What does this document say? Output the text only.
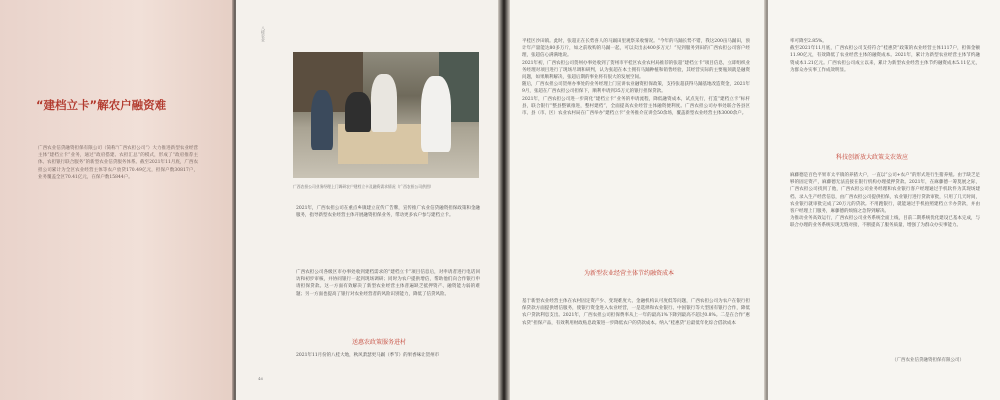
“建档立卡”解农户融资难
广西农业信贷融资担保有限公司（简称“广西农担公司”）大力推进新型农业经营主体“建档立卡”业务，通过“政府搭建、农担汇总”的模式，形成了“政府推荐主体、农担银行联合服务”的新型农业信贷服务体系。截至2021年11月底，广西农担公司累计为全区农业经营主体等农户放贷170.49亿元，担保户数30817户，业务覆盖全区70.41亿元，在保户数15844户。
八桂农业
广西农担公司业务经理上门调研农户建档立卡及融资需求情况（广西农担公司供图）
2021年，广西农担公司在重点乡镇建立宣传广告牌，宣传推广农业信贷融资担保政策和金融服务，指导新型农业经营主体开展融资担保业务，带动更多农户参与建档立卡。
广西农担公司各级区市办事处收到建档需求的“建档立卡”项目信息后，对申请者进行电话回访和初步审核，并协同银行一起到现场调研；同时为农户提供增信，帮助他们向合作银行申请担保贷款。这一方面有效解决了新型农业经营主体普遍缺乏抵押资产、融资能力弱的难题；另一方面也提高了银行对农业经营者的风险识别能力，降低了信贷风险。
送惠农政策服务进村
2021年11月份的八桂大地，秋风萧瑟更马踊（季节）的果香味让贺州市
46
平桂区沙田镇。此时，张超正在长势喜人的马踊田里观察采收情况。“今年的马踊长势不错，我这200亩马踊田，预计年产量能达80多万斤，如之前收购的马踊一起，可以卖出去400多万元！”见到服务到田的广西农担公司客户经理，张超信心满满地说。
2021年初，广西农担公司贺州办事处收到了贺州市平桂区农业农村局推荐的张超“建档立卡”项目信息，立即组织业务经理对项目进行了现场尽调和研判，认为张超在本土拥有马踊种植和销售经验，其经营实际的主要瓶颈就是融资问题，如果顺利解决，张超后期的事业将有很大的发展空间。
随后，广西农担公司贺州办事处的业务经理上门宣讲农业融资担保政策，支持张超获得马踊基地改造资金，2021年9月，张超在广西农担公司担保下，顺利申请到35万元的银行担保贷款。
2021年，广西农担公司进一步简化“建档立卡”业务的申请流程，降低融资成本，试点先行，打造“建档立卡”标杆县，联合银行“整县整镇推进，整村建档”，全面提高农业经营主体融资便利度。广西农担公司办事处联合各县区市、县（市、区）农业农村局在广西举办“建档立卡”业务推介宣讲会50余场，覆盖新型农业经营主体3000余户。
为新型农业经营主体节约融资成本
基于新型农业经营主体在农村固定资产少、变现难度大、金融机构认可度低等问题，广西农担公司为农户在银行担保贷款方面提供增信服务，使银行资金进入农业经营，一是选择和农业银行、中国银行等大型国有银行合作，降低农户贷款利息支出。2021年，广西农担公司担保费率从上一年的最高1%下降到最高不超过0.8%。二是在合作“惠农贷”担保产品，有效利用财政贴息政策进一步降低农户的贷款成本。纳入“桂惠贷”后最低年化综合借款成本
率可降至2.85%。
截至2021年11月底，广西农担公司支持符合“桂惠贷”政策的农业经营主体1117户，担保金额11.90亿元，有效降低了农业经营主体的融资成本。2021年，累计为新型农业经营主体节约融资成本1.21亿元。广西农担公司成立以来，累计为新型农业经营主体节约融资成本5.11亿元，为群众办实事工作成效明显。
科技创新放大政策支农效应
麻藤德是百色平果市太平镇的养猪大户，一直以“公司+农户”的形式进行生猪养殖。由于缺乏足够的固定资产，麻藤德无法直接在银行机构办理抵押贷款。2021年，在麻藤德一筹莫展之际，广西农担公司找到了他，广西农担公司业务经理和农业银行客户经理通过手机软件为其现场建档、录入生产经营信息，由广西农担公司提供担保，农业银行进行贷款审批，只用了几天时间，农业银行就审批完成了20万元的贷款。不用跑银行，就能通过手机拍照建档立卡办贷款，并由客户经理上门服务，麻藤德的烦恼之急得到解决。
为推动业务高效运行，广西农担公司业务系统全面上线，目前二期系统优化建设已基本完成，与联合办理的业务系统实现无缝对接，不断提高了服务质量，增强了为群众办实事能力。
（广西农业信贷融资担保有限公司）
